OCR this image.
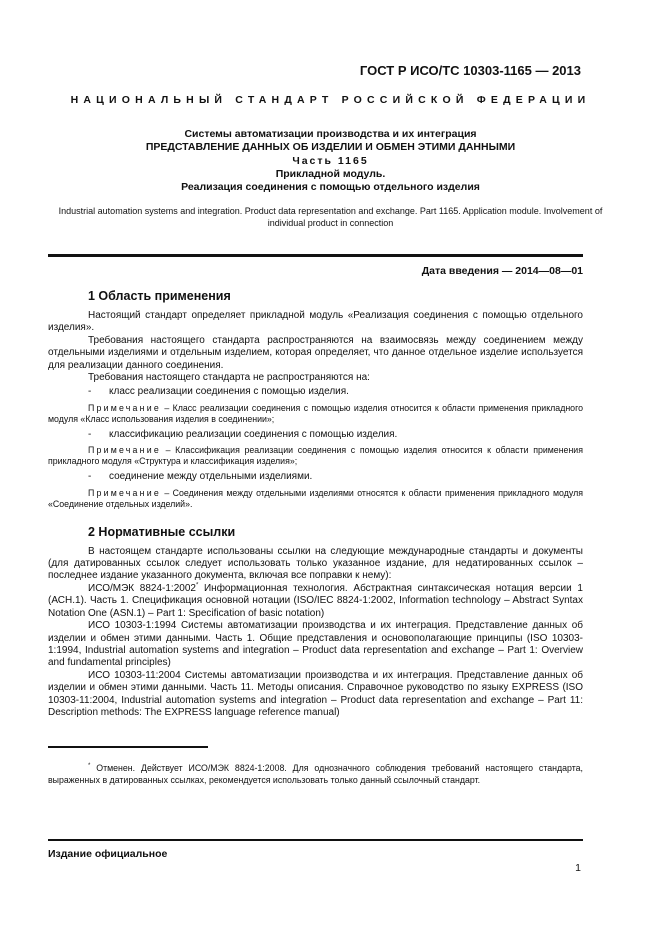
ГОСТ Р ИСО/ТС 10303-1165 — 2013
НАЦИОНАЛЬНЫЙ СТАНДАРТ РОССИЙСКОЙ ФЕДЕРАЦИИ
Системы автоматизации производства и их интеграция
ПРЕДСТАВЛЕНИЕ ДАННЫХ ОБ ИЗДЕЛИИ И ОБМЕН ЭТИМИ ДАННЫМИ
Часть 1165
Прикладной модуль.
Реализация соединения с помощью отдельного изделия
Industrial automation systems and integration. Product data representation and exchange. Part 1165. Application module. Involvement of individual product in connection
Дата введения — 2014—08—01
1 Область применения

Настоящий стандарт определяет прикладной модуль «Реализация соединения с помощью отдельного изделия».

Требования настоящего стандарта распространяются на взаимосвязь между соединением между отдельными изделиями и отдельным изделием, которая определяет, что данное отдельное изделие используется для реализации данного соединения.

Требования настоящего стандарта не распространяются на:

- класс реализации соединения с помощью изделия.
Примечание – Класс реализации соединения с помощью изделия относится к области применения прикладного модуля «Класс использования изделия в соединении»;
- классификацию реализации соединения с помощью изделия.
Примечание – Классификация реализации соединения с помощью изделия относится к области применения прикладного модуля «Структура и классификация изделия»;
- соединение между отдельными изделиями.
Примечание – Соединения между отдельными изделиями относятся к области применения прикладного модуля «Соединение отдельных изделий».
2 Нормативные ссылки

В настоящем стандарте использованы ссылки на следующие международные стандарты и документы (для датированных ссылок следует использовать только указанное издание, для недатированных ссылок – последнее издание указанного документа, включая все поправки к нему):

ИСО/МЭК 8824-1:2002* Информационная технология. Абстрактная синтаксическая нотация версии 1 (АСН.1). Часть 1. Спецификация основной нотации (ISO/IEC 8824-1:2002, Information technology – Abstract Syntax Notation One (ASN.1) – Part 1: Specification of basic notation)

ИСО 10303-1:1994 Системы автоматизации производства и их интеграция. Представление данных об изделии и обмен этими данными. Часть 1. Общие представления и основополагающие принципы (ISO 10303-1:1994, Industrial automation systems and integration – Product data representation and exchange – Part 1: Overview and fundamental principles)

ИСО 10303-11:2004 Системы автоматизации производства и их интеграция. Представление данных об изделии и обмен этими данными. Часть 11. Методы описания. Справочное руководство по языку EXPRESS (ISO 10303-11:2004, Industrial automation systems and integration – Product data representation and exchange – Part 11: Description methods: The EXPRESS language reference manual)

* Отменен. Действует ИСО/МЭК 8824-1:2008. Для однозначного соблюдения требований настоящего стандарта, выраженных в датированных ссылках, рекомендуется использовать только данный ссылочный стандарт.
Издание официальное
1
